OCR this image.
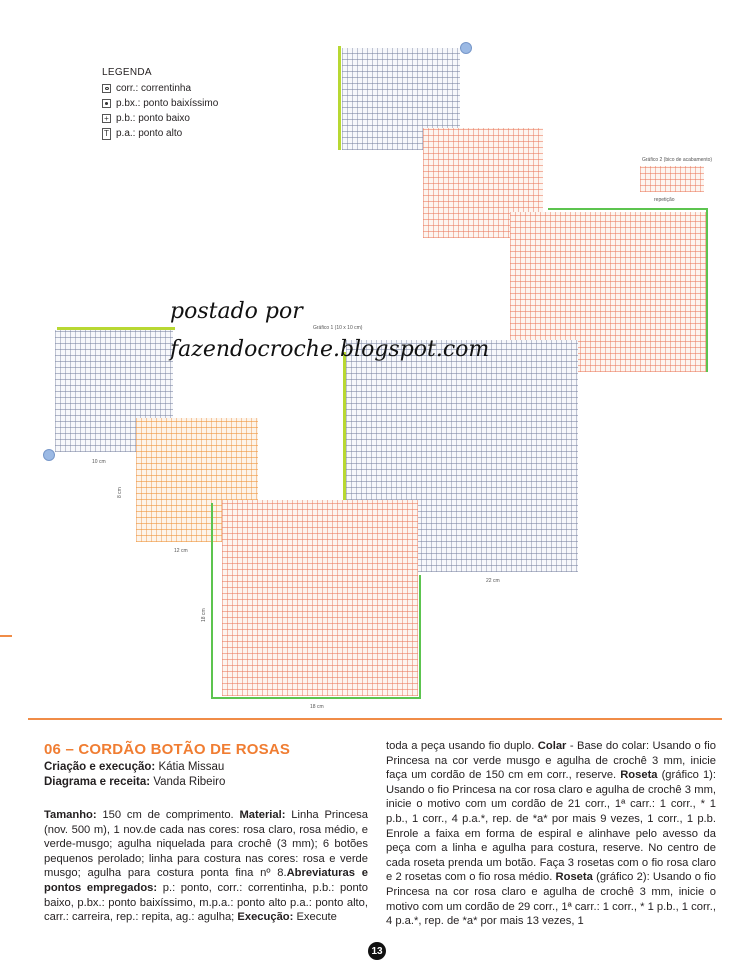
LEGENDA
corr.: correntinha
p.bx.: ponto baixíssimo
+ p.b.: ponto baixo
T p.a.: ponto alto
Gráfico 2 (bico de acabamento)
repetição
10 cm
8 cm
12 cm
Gráfico 1 (10 x 10 cm)
22 cm
18 cm
18 cm
postado por
fazendocroche.blogspot.com
06 – CORDÃO BOTÃO DE ROSAS
Criação e execução: Kátia Missau
Diagrama e receita: Vanda Ribeiro
Tamanho: 150 cm de comprimento. Material: Linha Princesa (nov. 500 m), 1 nov.de cada nas cores: rosa claro, rosa médio, e verde-musgo; agulha niquelada para crochê (3 mm); 6 botões pequenos perolado; linha para costura nas cores: rosa e verde musgo; agulha para costura ponta fina nº 8.Abreviaturas e pontos empregados: p.: ponto, corr.: correntinha, p.b.: ponto baixo, p.bx.: ponto baixíssimo, m.p.a.: ponto alto p.a.: ponto alto, carr.: carreira, rep.: repita, ag.: agulha; Execução: Execute
toda a peça usando fio duplo. Colar - Base do colar: Usando o fio Princesa na cor verde musgo e agulha de crochê 3 mm, inicie faça um cordão de 150 cm em corr., reserve. Roseta (gráfico 1): Usando o fio Princesa na cor rosa claro e agulha de crochê 3 mm, inicie o motivo com um cordão de 21 corr., 1ª carr.: 1 corr., * 1 p.b., 1 corr., 4 p.a.*, rep. de *a* por mais 9 vezes, 1 corr., 1 p.b. Enrole a faixa em forma de espiral e alinhave pelo avesso da peça com a linha e agulha para costura, reserve. No centro de cada roseta prenda um botão. Faça 3 rosetas com o fio rosa claro e 2 rosetas com o fio rosa médio. Roseta (gráfico 2): Usando o fio Princesa na cor rosa claro e agulha de crochê 3 mm, inicie o motivo com um cordão de 29 corr., 1ª carr.: 1 corr., * 1 p.b., 1 corr., 4 p.a.*, rep. de *a* por mais 13 vezes, 1
13
